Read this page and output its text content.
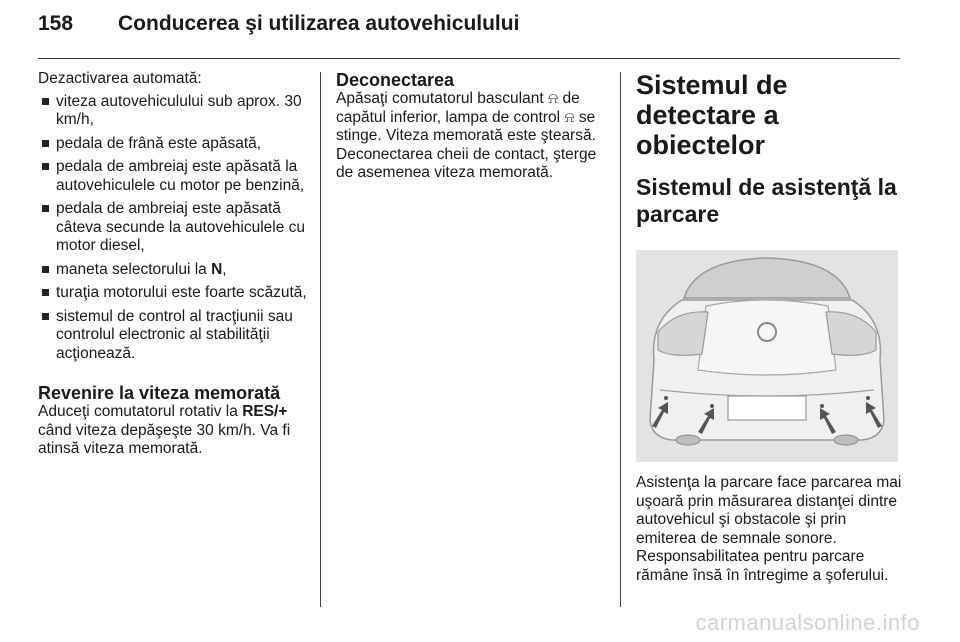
158 Conducerea şi utilizarea autovehiculului
Dezactivarea automată:
viteza autovehiculului sub aprox. 30 km/h,
pedala de frână este apăsată,
pedala de ambreiaj este apăsată la autovehiculele cu motor pe benzină,
pedala de ambreiaj este apăsată câteva secunde la autovehiculele cu motor diesel,
maneta selectorului la N,
turaţia motorului este foarte scăzută,
sistemul de control al tracţiunii sau controlul electronic al stabilităţii acţionează.
Revenire la viteza memorată
Aduceţi comutatorul rotativ la RES/+ când viteza depăşeşte 30 km/h. Va fi atinsă viteza memorată.
Deconectarea
Apăsaţi comutatorul basculant ⍾ de capătul inferior, lampa de control ⍾ se stinge. Viteza memorată este ştearsă. Deconectarea cheii de contact, şterge de asemenea viteza memorată.
Sistemul de detectare a obiectelor
Sistemul de asistenţă la parcare
Asistenţa la parcare face parcarea mai uşoară prin măsurarea distanţei dintre autovehicul şi obstacole şi prin emiterea de semnale sonore. Responsabilitatea pentru parcare rămâne însă în întregime a şoferului.
carmanualsonline.info
